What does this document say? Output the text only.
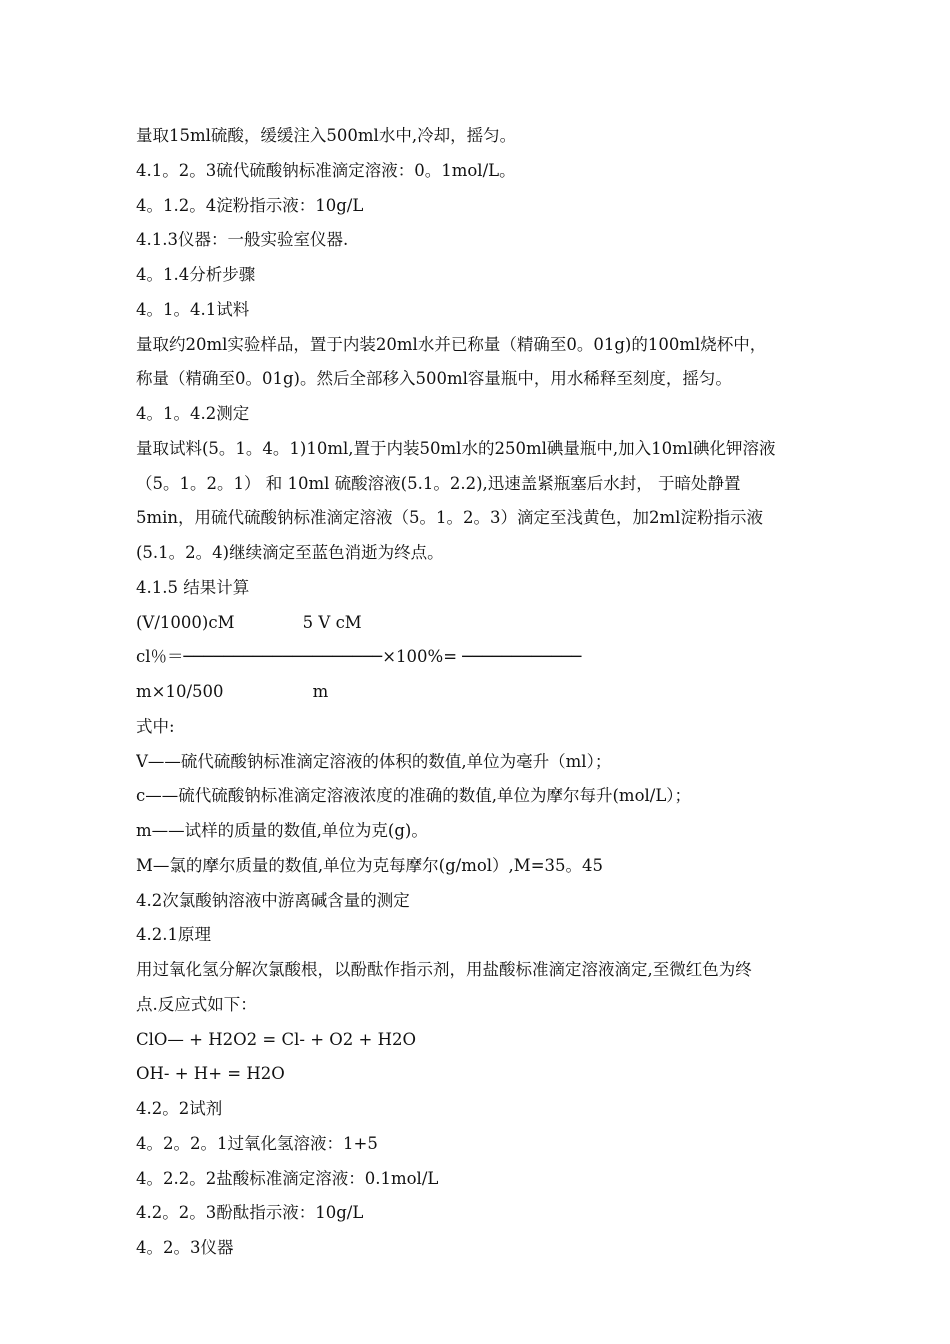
量取15ml硫酸，缓缓注入500ml水中,冷却，摇匀。
4.1。2。3硫代硫酸钠标准滴定溶液：0。1mol/L。
4。1.2。4淀粉指示液：10g/L
4.1.3仪器：一般实验室仪器.
4。1.4分析步骤
4。1。4.1试料
量取约20ml实验样品，置于内装20ml水并已称量（精确至0。01g)的100ml烧杯中，
称量（精确至0。01g)。然后全部移入500ml容量瓶中，用水稀释至刻度，摇匀。
4。1。4.2测定
量取试料(5。1。4。1)10ml,置于内装50ml水的250ml碘量瓶中,加入10ml碘化钾溶液
（5。1。2。1） 和 10ml 硫酸溶液(5.1。2.2),迅速盖紧瓶塞后水封， 于暗处静置
5min，用硫代硫酸钠标准滴定溶液（5。1。2。3）滴定至浅黄色，加2ml淀粉指示液
(5.1。2。4)继续滴定至蓝色消逝为终点。
4.1.5 结果计算
(V/1000)cM             5 V cM
cl％＝────────────────────×100%= ────────────
m×10/500                 m
式中:
V——硫代硫酸钠标准滴定溶液的体积的数值,单位为毫升（ml）；
c——硫代硫酸钠标准滴定溶液浓度的准确的数值,单位为摩尔每升(mol/L）；
m——试样的质量的数值,单位为克(g)。
M—氯的摩尔质量的数值,单位为克每摩尔(g/mol）,M=35。45
4.2次氯酸钠溶液中游离碱含量的测定
4.2.1原理
用过氧化氢分解次氯酸根，以酚酞作指示剂，用盐酸标准滴定溶液滴定,至微红色为终
点.反应式如下：
ClO— + H2O2 = Cl- + O2 + H2O
OH- + H+ = H2O
4.2。2试剂
4。2。2。1过氧化氢溶液：1+5
4。2.2。2盐酸标准滴定溶液：0.1mol/L
4.2。2。3酚酞指示液：10g/L
4。2。3仪器
